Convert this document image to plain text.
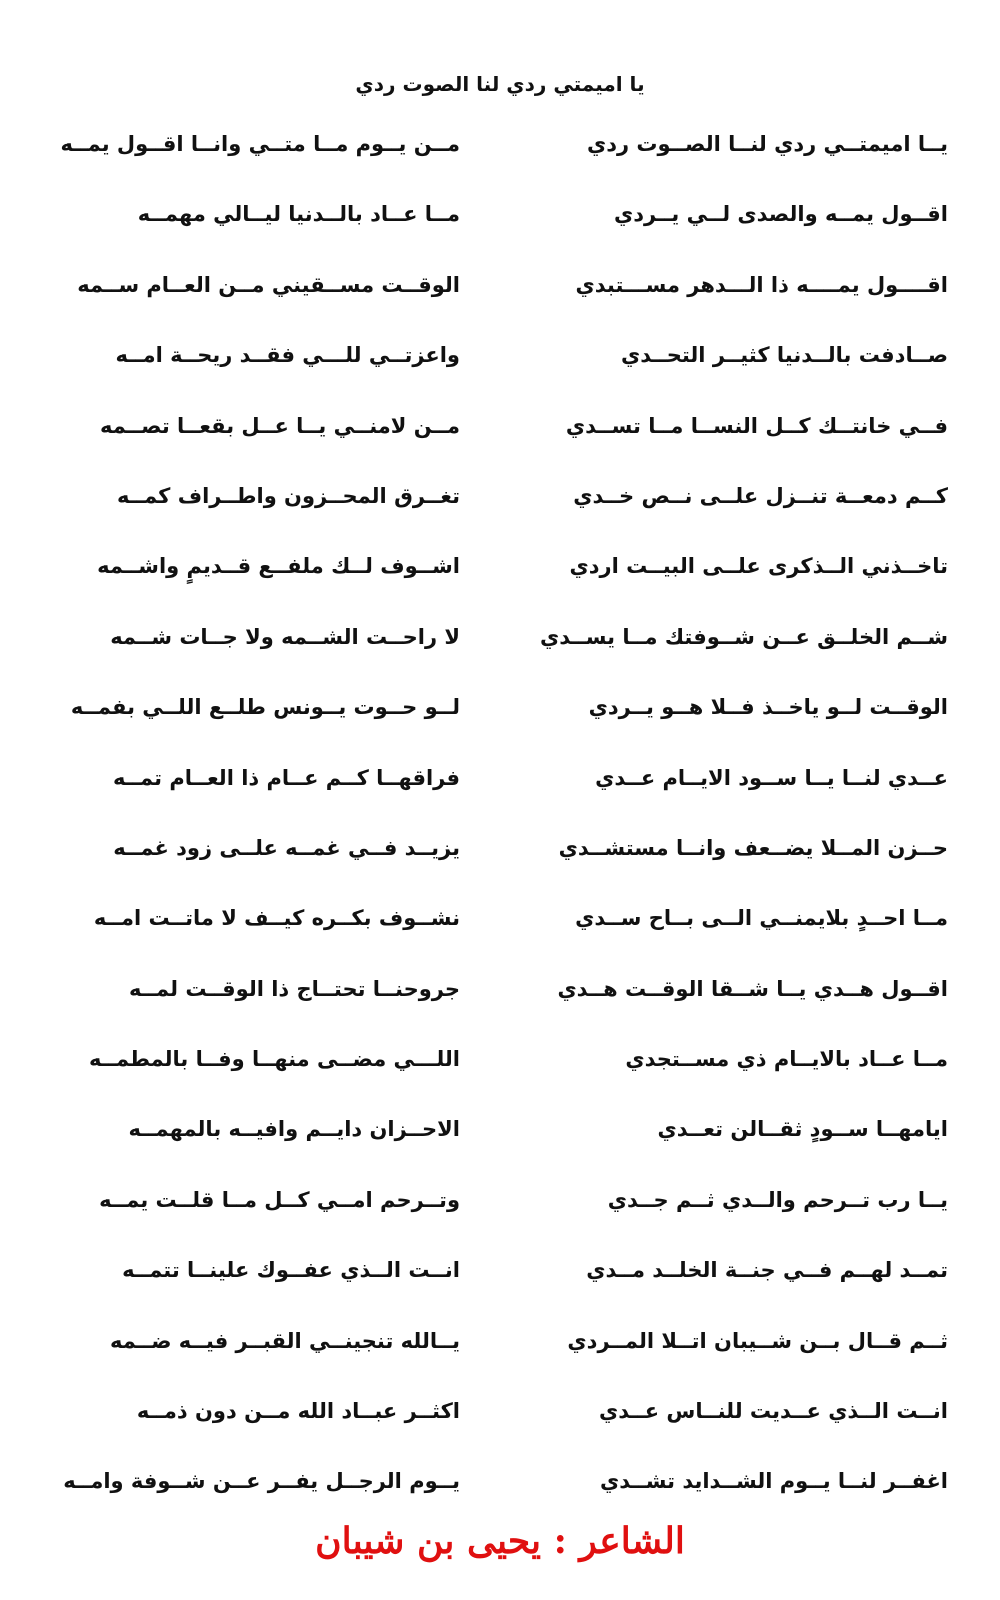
يا اميمتي ردي لنا الصوت ردي
يــا اميمتــي ردي لنــا الصــوت ردي
مــن يــوم مــا متــي وانــا اقــول يمــه
اقــول يمــه والصدى لــي يــردي
مــا عــاد بالــدنيا ليــالي مهمــه
اقــــول يمــــه ذا الـــدهر مســـتبدي
الوقــت مســقيني مــن العــام ســمه
صــادفت بالــدنيا كثيــر التحــدي
واعزتــي للـــي فقــد ريحــة امــه
فــي خانتــك كــل النســا مــا تســدي
مــن لامنــي يــا عــل بقعــا تصــمه
كــم دمعــة تنــزل علــى نــص خــدي
تغــرق المحــزون واطــراف كمــه
تاخــذني الــذكرى علــى البيــت اردي
اشــوف لــك ملفــع قــديمٍ واشــمه
شــم الخلــق عــن شــوفتك مــا يســدي
لا راحــت الشــمه ولا جــات شــمه
الوقــت لــو ياخــذ فــلا هــو يــردي
لــو حــوت يــونس طلــع اللــي بفمــه
عــدي لنــا يــا ســود الايــام عــدي
فراقهــا كــم عــام ذا العــام تمــه
حــزن المــلا يضــعف وانــا مستشــدي
يزيــد فــي غمــه علــى زود غمــه
مــا احــدٍ بلايمنــي الــى بــاح ســدي
نشــوف بكــره كيــف لا ماتــت امــه
اقــول هــدي يــا شــقا الوقــت هــدي
جروحنــا تحتــاج ذا الوقــت لمــه
مــا عــاد بالايــام ذي مســتجدي
اللـــي مضــى منهــا وفــا بالمطمــه
ايامهــا ســودٍ ثقــالن تعــدي
الاحــزان دايــم وافيــه بالمهمــه
يــا رب تــرحم والــدي ثــم جــدي
وتــرحم امــي كــل مــا قلــت يمــه
تمــد لهــم فــي جنــة الخلــد مــدي
انــت الــذي عفــوك علينــا تتمــه
ثــم قــال بــن شــيبان اتــلا المــردي
يــالله تنجينــي القبــر فيــه ضــمه
انــت الــذي عــديت للنــاس عــدي
اكثــر عبــاد الله مــن دون ذمــه
اغفــر لنــا يــوم الشــدايد تشــدي
يــوم الرجــل يفــر عــن شــوفة وامــه
الشاعر : يحيى بن شيبان
